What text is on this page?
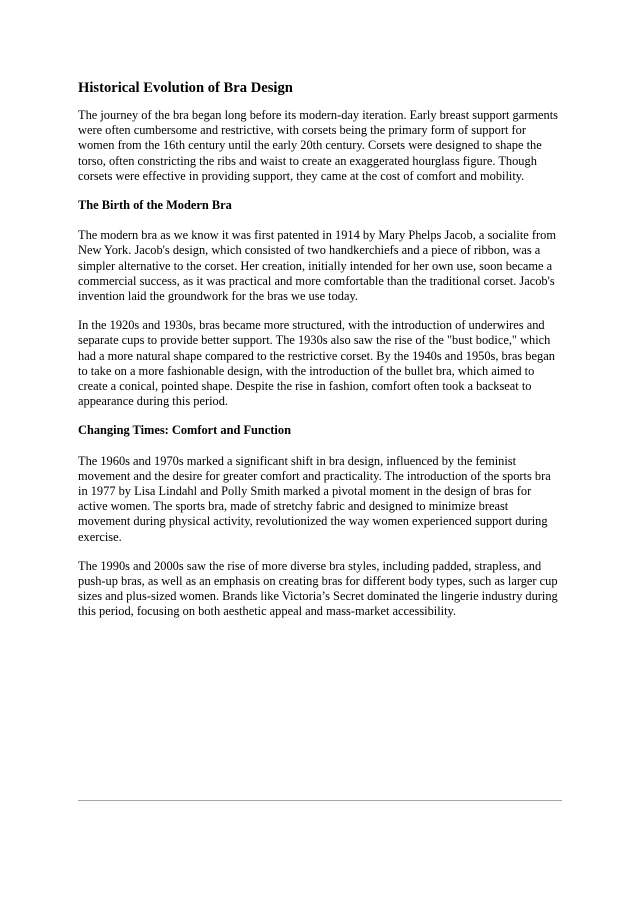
Historical Evolution of Bra Design

The journey of the bra began long before its modern-day iteration. Early breast support garments were often cumbersome and restrictive, with corsets being the primary form of support for women from the 16th century until the early 20th century. Corsets were designed to shape the torso, often constricting the ribs and waist to create an exaggerated hourglass figure. Though corsets were effective in providing support, they came at the cost of comfort and mobility.

The Birth of the Modern Bra

The modern bra as we know it was first patented in 1914 by Mary Phelps Jacob, a socialite from New York. Jacob's design, which consisted of two handkerchiefs and a piece of ribbon, was a simpler alternative to the corset. Her creation, initially intended for her own use, soon became a commercial success, as it was practical and more comfortable than the traditional corset. Jacob's invention laid the groundwork for the bras we use today.

In the 1920s and 1930s, bras became more structured, with the introduction of underwires and separate cups to provide better support. The 1930s also saw the rise of the "bust bodice," which had a more natural shape compared to the restrictive corset. By the 1940s and 1950s, bras began to take on a more fashionable design, with the introduction of the bullet bra, which aimed to create a conical, pointed shape. Despite the rise in fashion, comfort often took a backseat to appearance during this period.

Changing Times: Comfort and Function

The 1960s and 1970s marked a significant shift in bra design, influenced by the feminist movement and the desire for greater comfort and practicality. The introduction of the sports bra in 1977 by Lisa Lindahl and Polly Smith marked a pivotal moment in the design of bras for active women. The sports bra, made of stretchy fabric and designed to minimize breast movement during physical activity, revolutionized the way women experienced support during exercise.

The 1990s and 2000s saw the rise of more diverse bra styles, including padded, strapless, and push-up bras, as well as an emphasis on creating bras for different body types, such as larger cup sizes and plus-sized women. Brands like Victoria’s Secret dominated the lingerie industry during this period, focusing on both aesthetic appeal and mass-market accessibility.
